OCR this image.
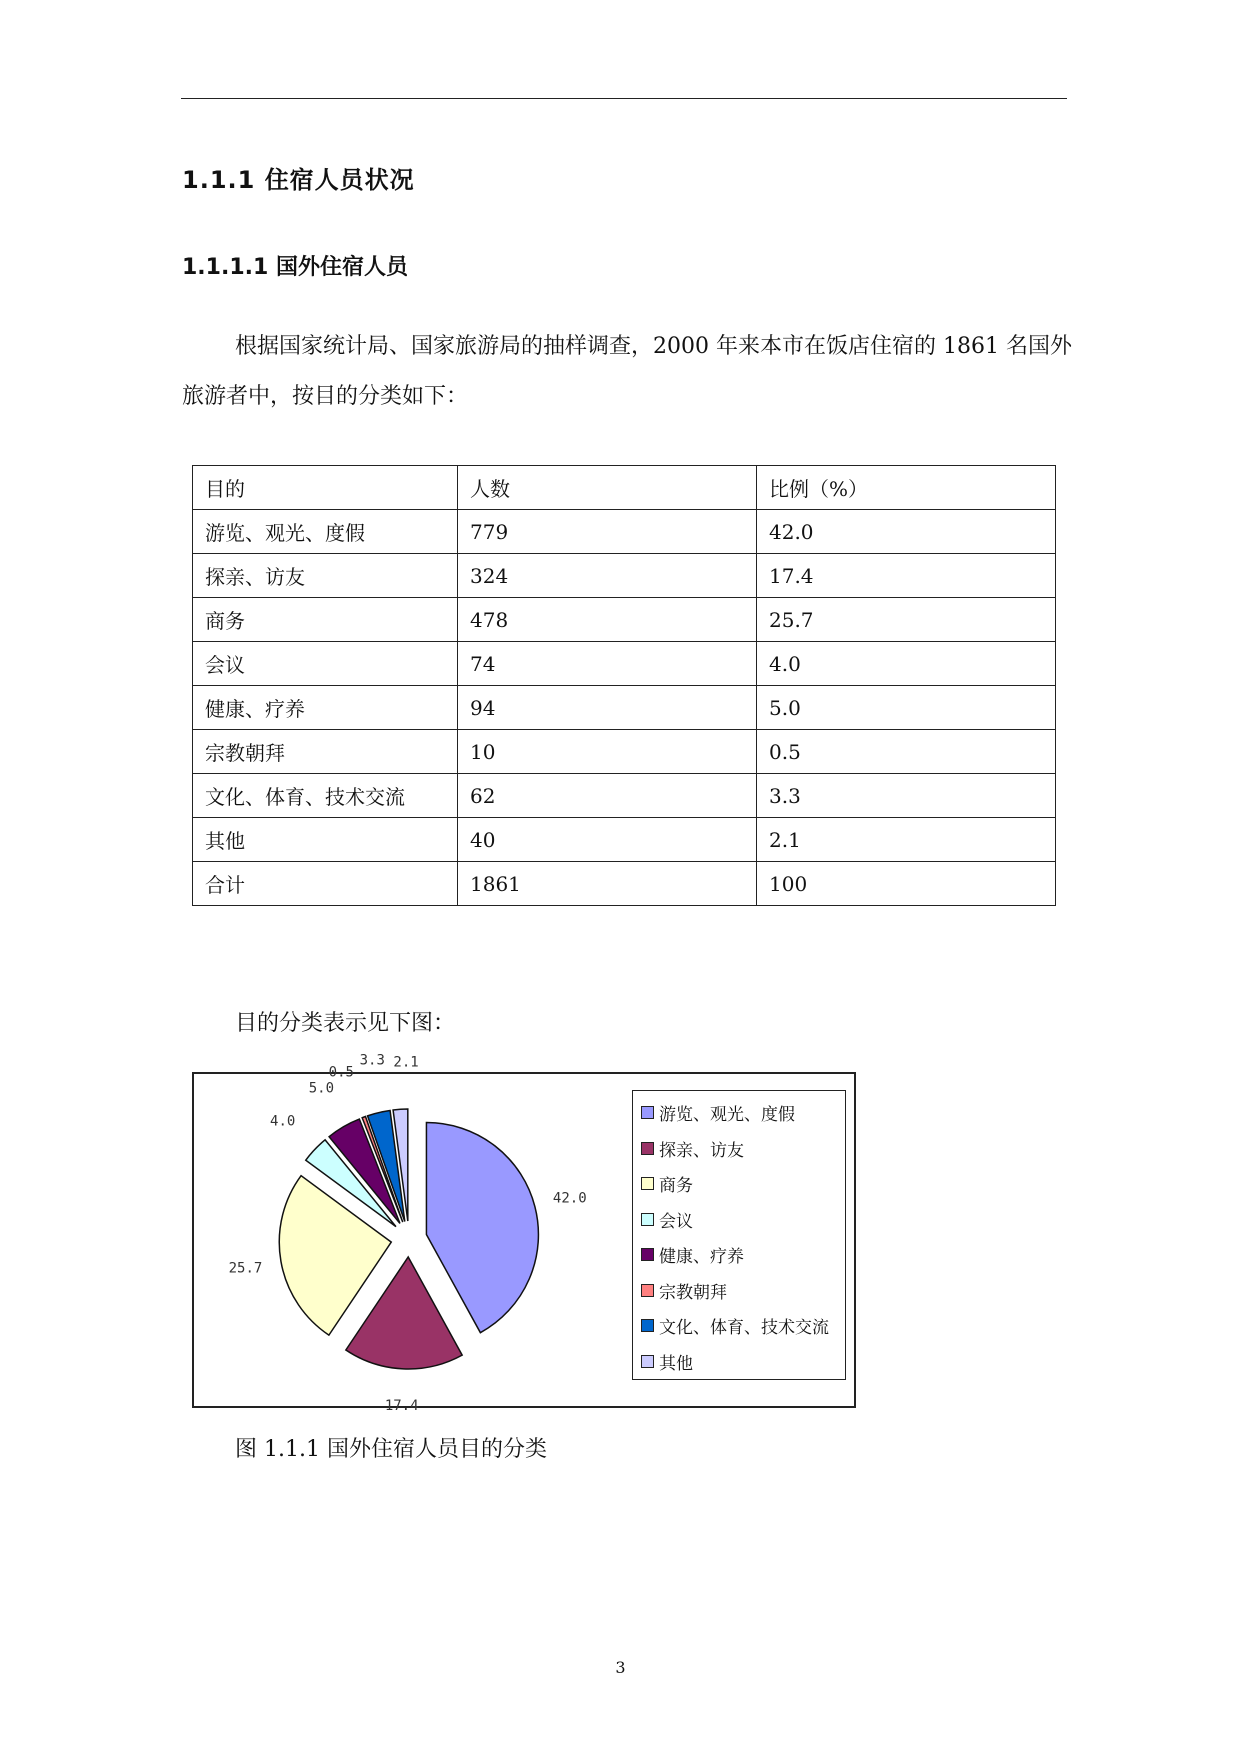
1.1.1 住宿人员状况
1.1.1.1 国外住宿人员

根据国家统计局、国家旅游局的抽样调查，2000 年来本市在饭店住宿的 1861 名国外旅游者中，按目的分类如下：

目的	人数	比例（%）
游览、观光、度假	779	42.0
探亲、访友	324	17.4
商务	478	25.7
会议	74	4.0
健康、疗养	94	5.0
宗教朝拜	10	0.5
文化、体育、技术交流	62	3.3
其他	40	2.1
合计	1861	100
目的分类表示见下图：
42.0
17.4
25.7
4.0
5.0
0.5
3.3 2.1
游览、观光、度假
探亲、访友
商务
会议
健康、疗养
宗教朝拜
文化、体育、技术交流
其他
图 1.1.1 国外住宿人员目的分类
3
